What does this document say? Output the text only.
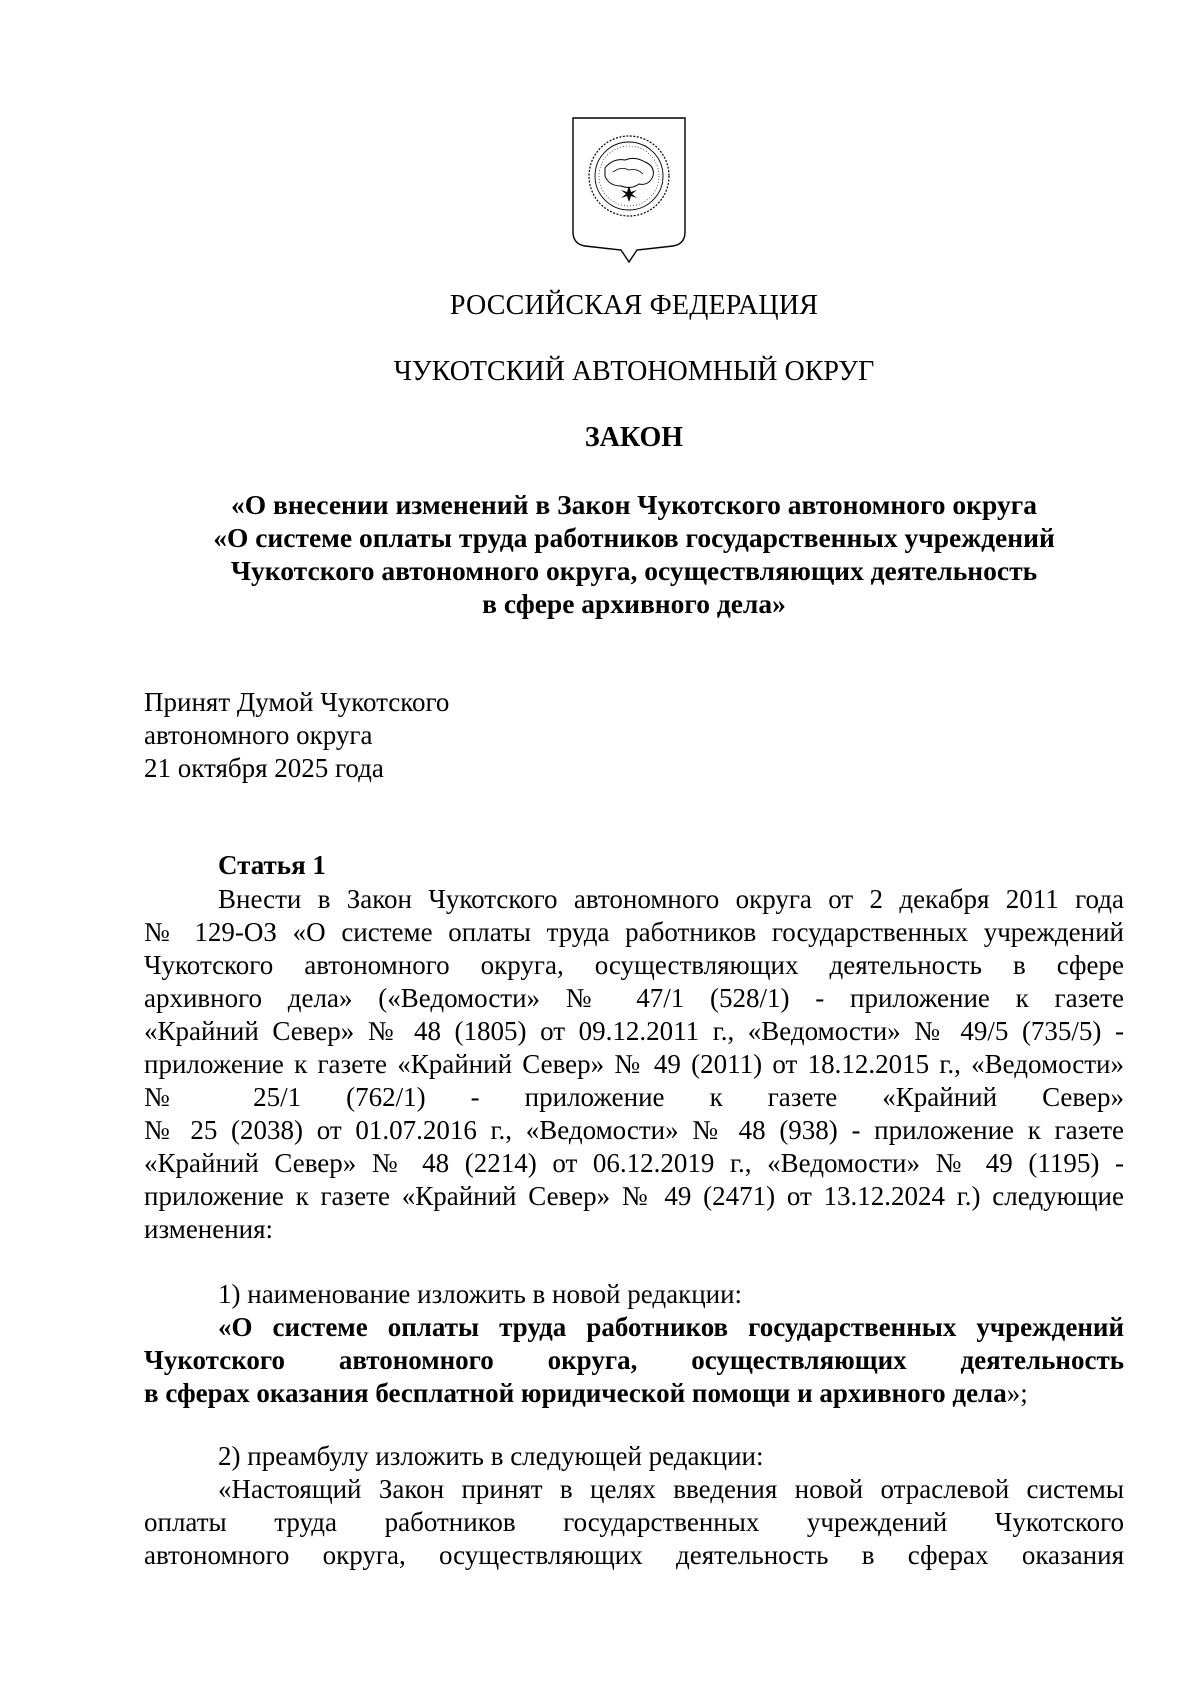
РОССИЙСКАЯ ФЕДЕРАЦИЯ
ЧУКОТСКИЙ АВТОНОМНЫЙ ОКРУГ
ЗАКОН
«О внесении изменений в Закон Чукотского автономного округа
«О системе оплаты труда работников государственных учреждений
Чукотского автономного округа, осуществляющих деятельность
в сфере архивного дела»
Принят Думой Чукотского
автономного округа
21 октября 2025 года
Статья 1
Внести в Закон Чукотского автономного округа от 2 декабря 2011 года
№ 129-ОЗ «О системе оплаты труда работников государственных учреждений
Чукотского автономного округа, осуществляющих деятельность в сфере
архивного дела» («Ведомости» № 47/1 (528/1) - приложение к газете
«Крайний Север» № 48 (1805) от 09.12.2011 г., «Ведомости» № 49/5 (735/5) -
приложение к газете «Крайний Север» № 49 (2011) от 18.12.2015 г., «Ведомости»
№ 25/1 (762/1) - приложение к газете «Крайний Север»
№ 25 (2038) от 01.07.2016 г., «Ведомости» № 48 (938) - приложение к газете
«Крайний Север» № 48 (2214) от 06.12.2019 г., «Ведомости» № 49 (1195) -
приложение к газете «Крайний Север» № 49 (2471) от 13.12.2024 г.) следующие
изменения:
1) наименование изложить в новой редакции:
«О системе оплаты труда работников государственных учреждений
Чукотского автономного округа, осуществляющих деятельность
в сферах оказания бесплатной юридической помощи и архивного дела»;
2) преамбулу изложить в следующей редакции:
«Настоящий Закон принят в целях введения новой отраслевой системы
оплаты труда работников государственных учреждений Чукотского
автономного округа, осуществляющих деятельность в сферах оказания
